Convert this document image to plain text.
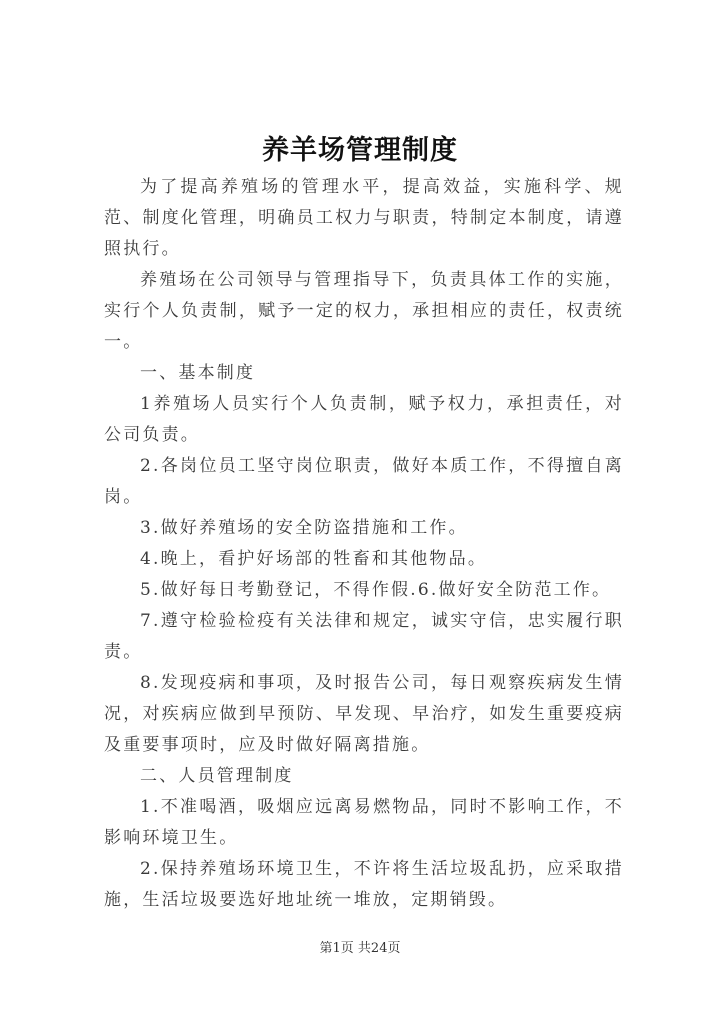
养羊场管理制度

为了提高养殖场的管理水平，提高效益，实施科学、规范、制度化管理，明确员工权力与职责，特制定本制度，请遵照执行。

养殖场在公司领导与管理指导下，负责具体工作的实施，实行个人负责制，赋予一定的权力，承担相应的责任，权责统一。

一、基本制度

1养殖场人员实行个人负责制，赋予权力，承担责任，对公司负责。

2.各岗位员工坚守岗位职责，做好本质工作，不得擅自离岗。

3.做好养殖场的安全防盗措施和工作。

4.晚上，看护好场部的牲畜和其他物品。

5.做好每日考勤登记，不得作假.6.做好安全防范工作。

7.遵守检验检疫有关法律和规定，诚实守信，忠实履行职责。

8.发现疫病和事项，及时报告公司，每日观察疾病发生情况，对疾病应做到早预防、早发现、早治疗，如发生重要疫病及重要事项时，应及时做好隔离措施。

二、人员管理制度

1.不准喝酒，吸烟应远离易燃物品，同时不影响工作，不影响环境卫生。

2.保持养殖场环境卫生，不许将生活垃圾乱扔，应采取措施，生活垃圾要选好地址统一堆放，定期销毁。

第1页 共24页
